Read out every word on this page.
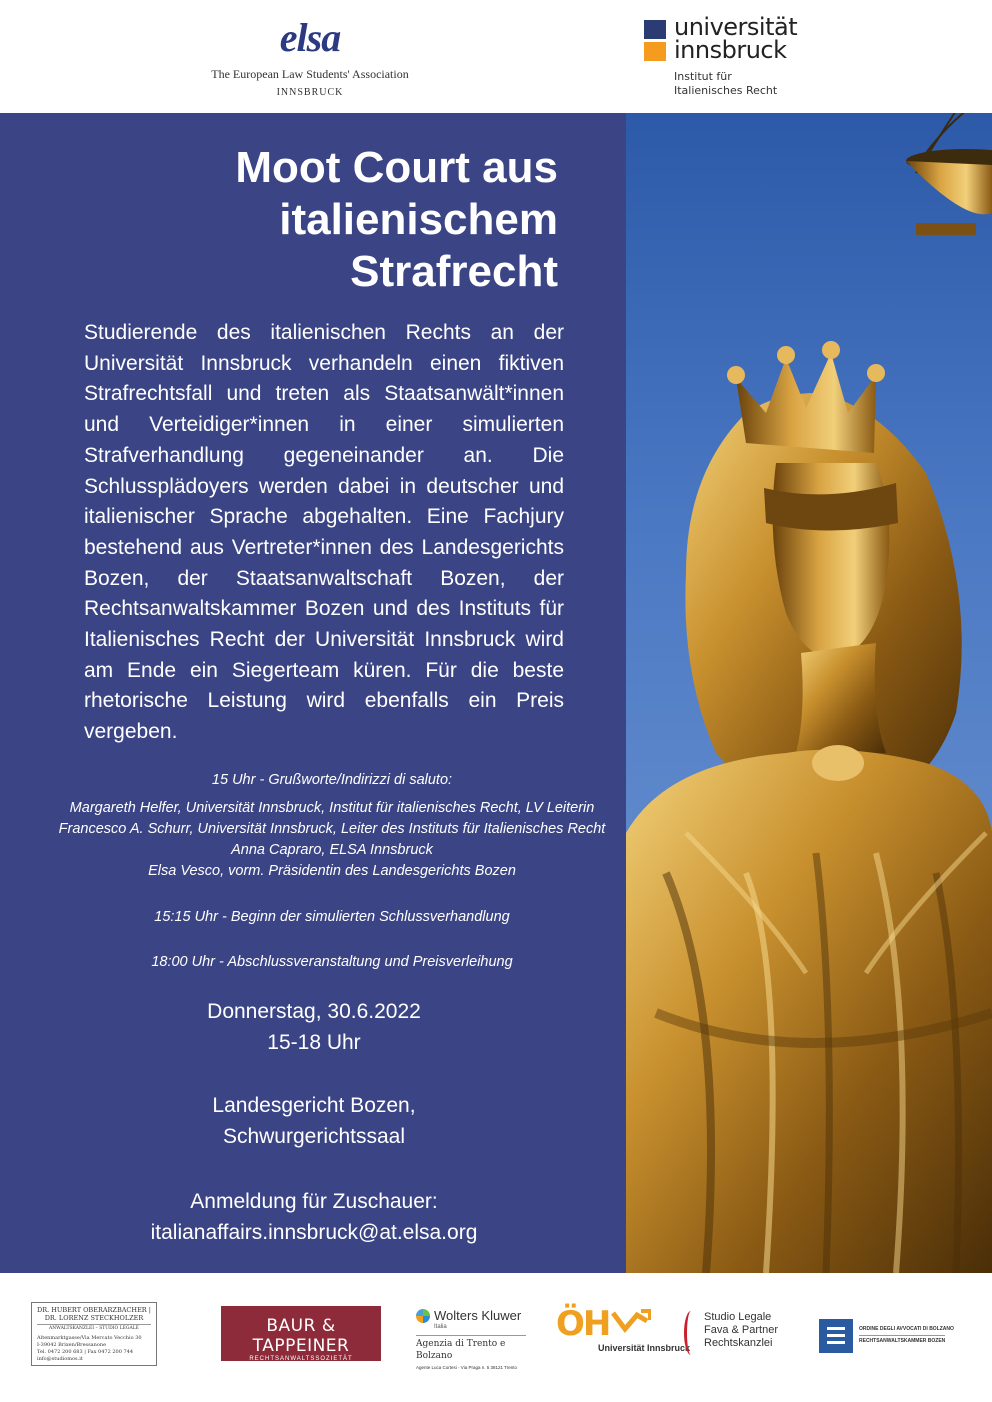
elsa
The European Law Students' Association
INNSBRUCK
universität
innsbruck
Institut für
Italienisches Recht
Moot Court aus
italienischem
Strafrecht

Studierende des italienischen Rechts an der Universität Innsbruck verhandeln einen fiktiven Strafrechtsfall und treten als Staatsanwält*innen und Verteidiger*innen in einer simulierten Strafverhandlung gegeneinander an. Die Schlussplädoyers werden dabei in deutscher und italienischer Sprache abgehalten. Eine Fachjury bestehend aus Vertreter*innen des Landesgerichts Bozen, der Staatsanwaltschaft Bozen, der Rechtsanwaltskammer Bozen und des Instituts für Italienisches Recht der Universität Innsbruck wird am Ende ein Siegerteam küren. Für die beste rhetorische Leistung wird ebenfalls ein Preis vergeben.

15 Uhr - Grußworte/Indirizzi di saluto:
Margareth Helfer, Universität Innsbruck, Institut für italienisches Recht, LV Leiterin
Francesco A. Schurr, Universität Innsbruck, Leiter des Instituts für Italienisches Recht
Anna Capraro, ELSA Innsbruck
Elsa Vesco, vorm. Präsidentin des Landesgerichts Bozen
15:15 Uhr - Beginn der simulierten Schlussverhandlung
18:00 Uhr - Abschlussveranstaltung und Preisverleihung
Donnerstag, 30.6.2022
15-18 Uhr
Landesgericht Bozen,
Schwurgerichtssaal
Anmeldung für Zuschauer:
italianaffairs.innsbruck@at.elsa.org
DR. HUBERT OBERARZBACHER | DR. LORENZ STECKHOLZER
ANWALTSKANZLEI – STUDIO LEGALE
Altenmarktgasse/Via Mercato Vecchio 30
I-39042 Brixen/Bressanone
Tel. 0472 200 683 | Fax 0472 200 744
info@studiomos.it
BAUR & TAPPEINER
RECHTSANWALTSSOZIETÄT
STUDIO LEGALE ASSOCIATO
Wolters Kluwer
Italia
Agenzia di Trento e Bolzano
Agente Luca Cortesi · Via Praga n. 5 38121 Trento
ÖH
Universität Innsbruck
Studio Legale
Fava & Partner
Rechtskanzlei
ORDINE DEGLI AVVOCATI DI BOLZANO
RECHTSANWALTSKAMMER BOZEN
